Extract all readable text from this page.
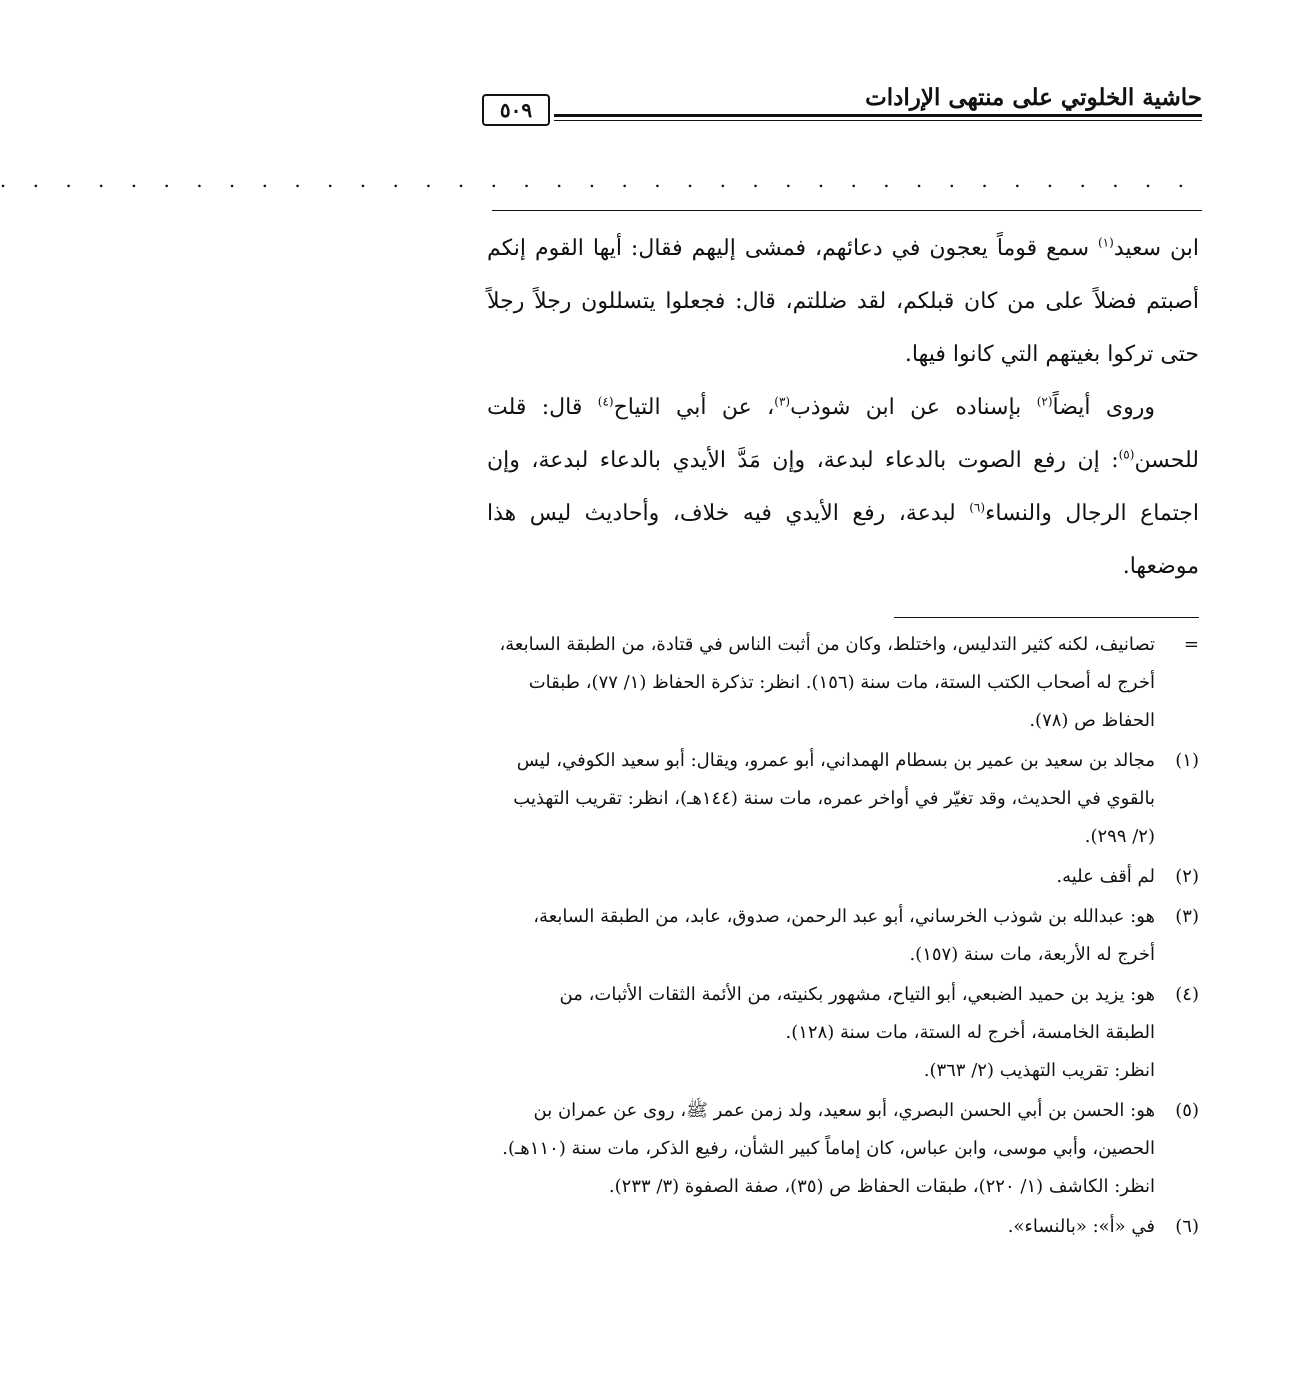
حاشية الخلوتي على منتهى الإرادات
٥٠٩
. . . . . . . . . . . . . . . . . . . . . . . . . . . . . . . . . . . . .

ابن سعيد$^{(١)}$ سمع قوماً يعجون في دعائهم، فمشى إليهم فقال: أيها القوم إنكم أصبتم فضلاً على من كان قبلكم، لقد ضللتم، قال: فجعلوا يتسللون رجلاً رجلاً حتى تركوا بغيتهم التي كانوا فيها.

وروى أيضاً$^{(٢)}$ بإسناده عن ابن شوذب$^{(٣)}$، عن أبي التياح$^{(٤)}$ قال: قلت للحسن$^{(٥)}$: إن رفع الصوت بالدعاء لبدعة، وإن مَدَّ الأيدي بالدعاء لبدعة، وإن اجتماع الرجال والنساء$^{(٦)}$ لبدعة، رفع الأيدي فيه خلاف، وأحاديث ليس هذا موضعها.

=
تصانيف، لكنه كثير التدليس، واختلط، وكان من أثبت الناس في قتادة، من الطبقة السابعة،
أخرج له أصحاب الكتب الستة، مات سنة (١٥٦). انظر: تذكرة الحفاظ (١/ ٧٧)، طبقات
الحفاظ ص (٧٨).
(١)
مجالد بن سعيد بن عمير بن بسطام الهمداني، أبو عمرو، ويقال: أبو سعيد الكوفي، ليس
بالقوي في الحديث، وقد تغيّر في أواخر عمره، مات سنة (١٤٤هـ)، انظر: تقريب التهذيب
(٢/ ٢٩٩).
(٢)
لم أقف عليه.
(٣)
هو: عبدالله بن شوذب الخرساني، أبو عبد الرحمن، صدوق، عابد، من الطبقة السابعة،
أخرج له الأربعة، مات سنة (١٥٧).
(٤)
هو: يزيد بن حميد الضبعي، أبو التياح، مشهور بكنيته، من الأئمة الثقات الأثبات، من
الطبقة الخامسة، أخرج له الستة، مات سنة (١٢٨).
انظر: تقريب التهذيب (٢/ ٣٦٣).
(٥)
هو: الحسن بن أبي الحسن البصري، أبو سعيد، ولد زمن عمر ﷺ، روى عن عمران بن
الحصين، وأبي موسى، وابن عباس، كان إماماً كبير الشأن، رفيع الذكر، مات سنة (١١٠هـ).
انظر: الكاشف (١/ ٢٢٠)، طبقات الحفاظ ص (٣٥)، صفة الصفوة (٣/ ٢٣٣).
(٦)
في «أ»: «بالنساء».
